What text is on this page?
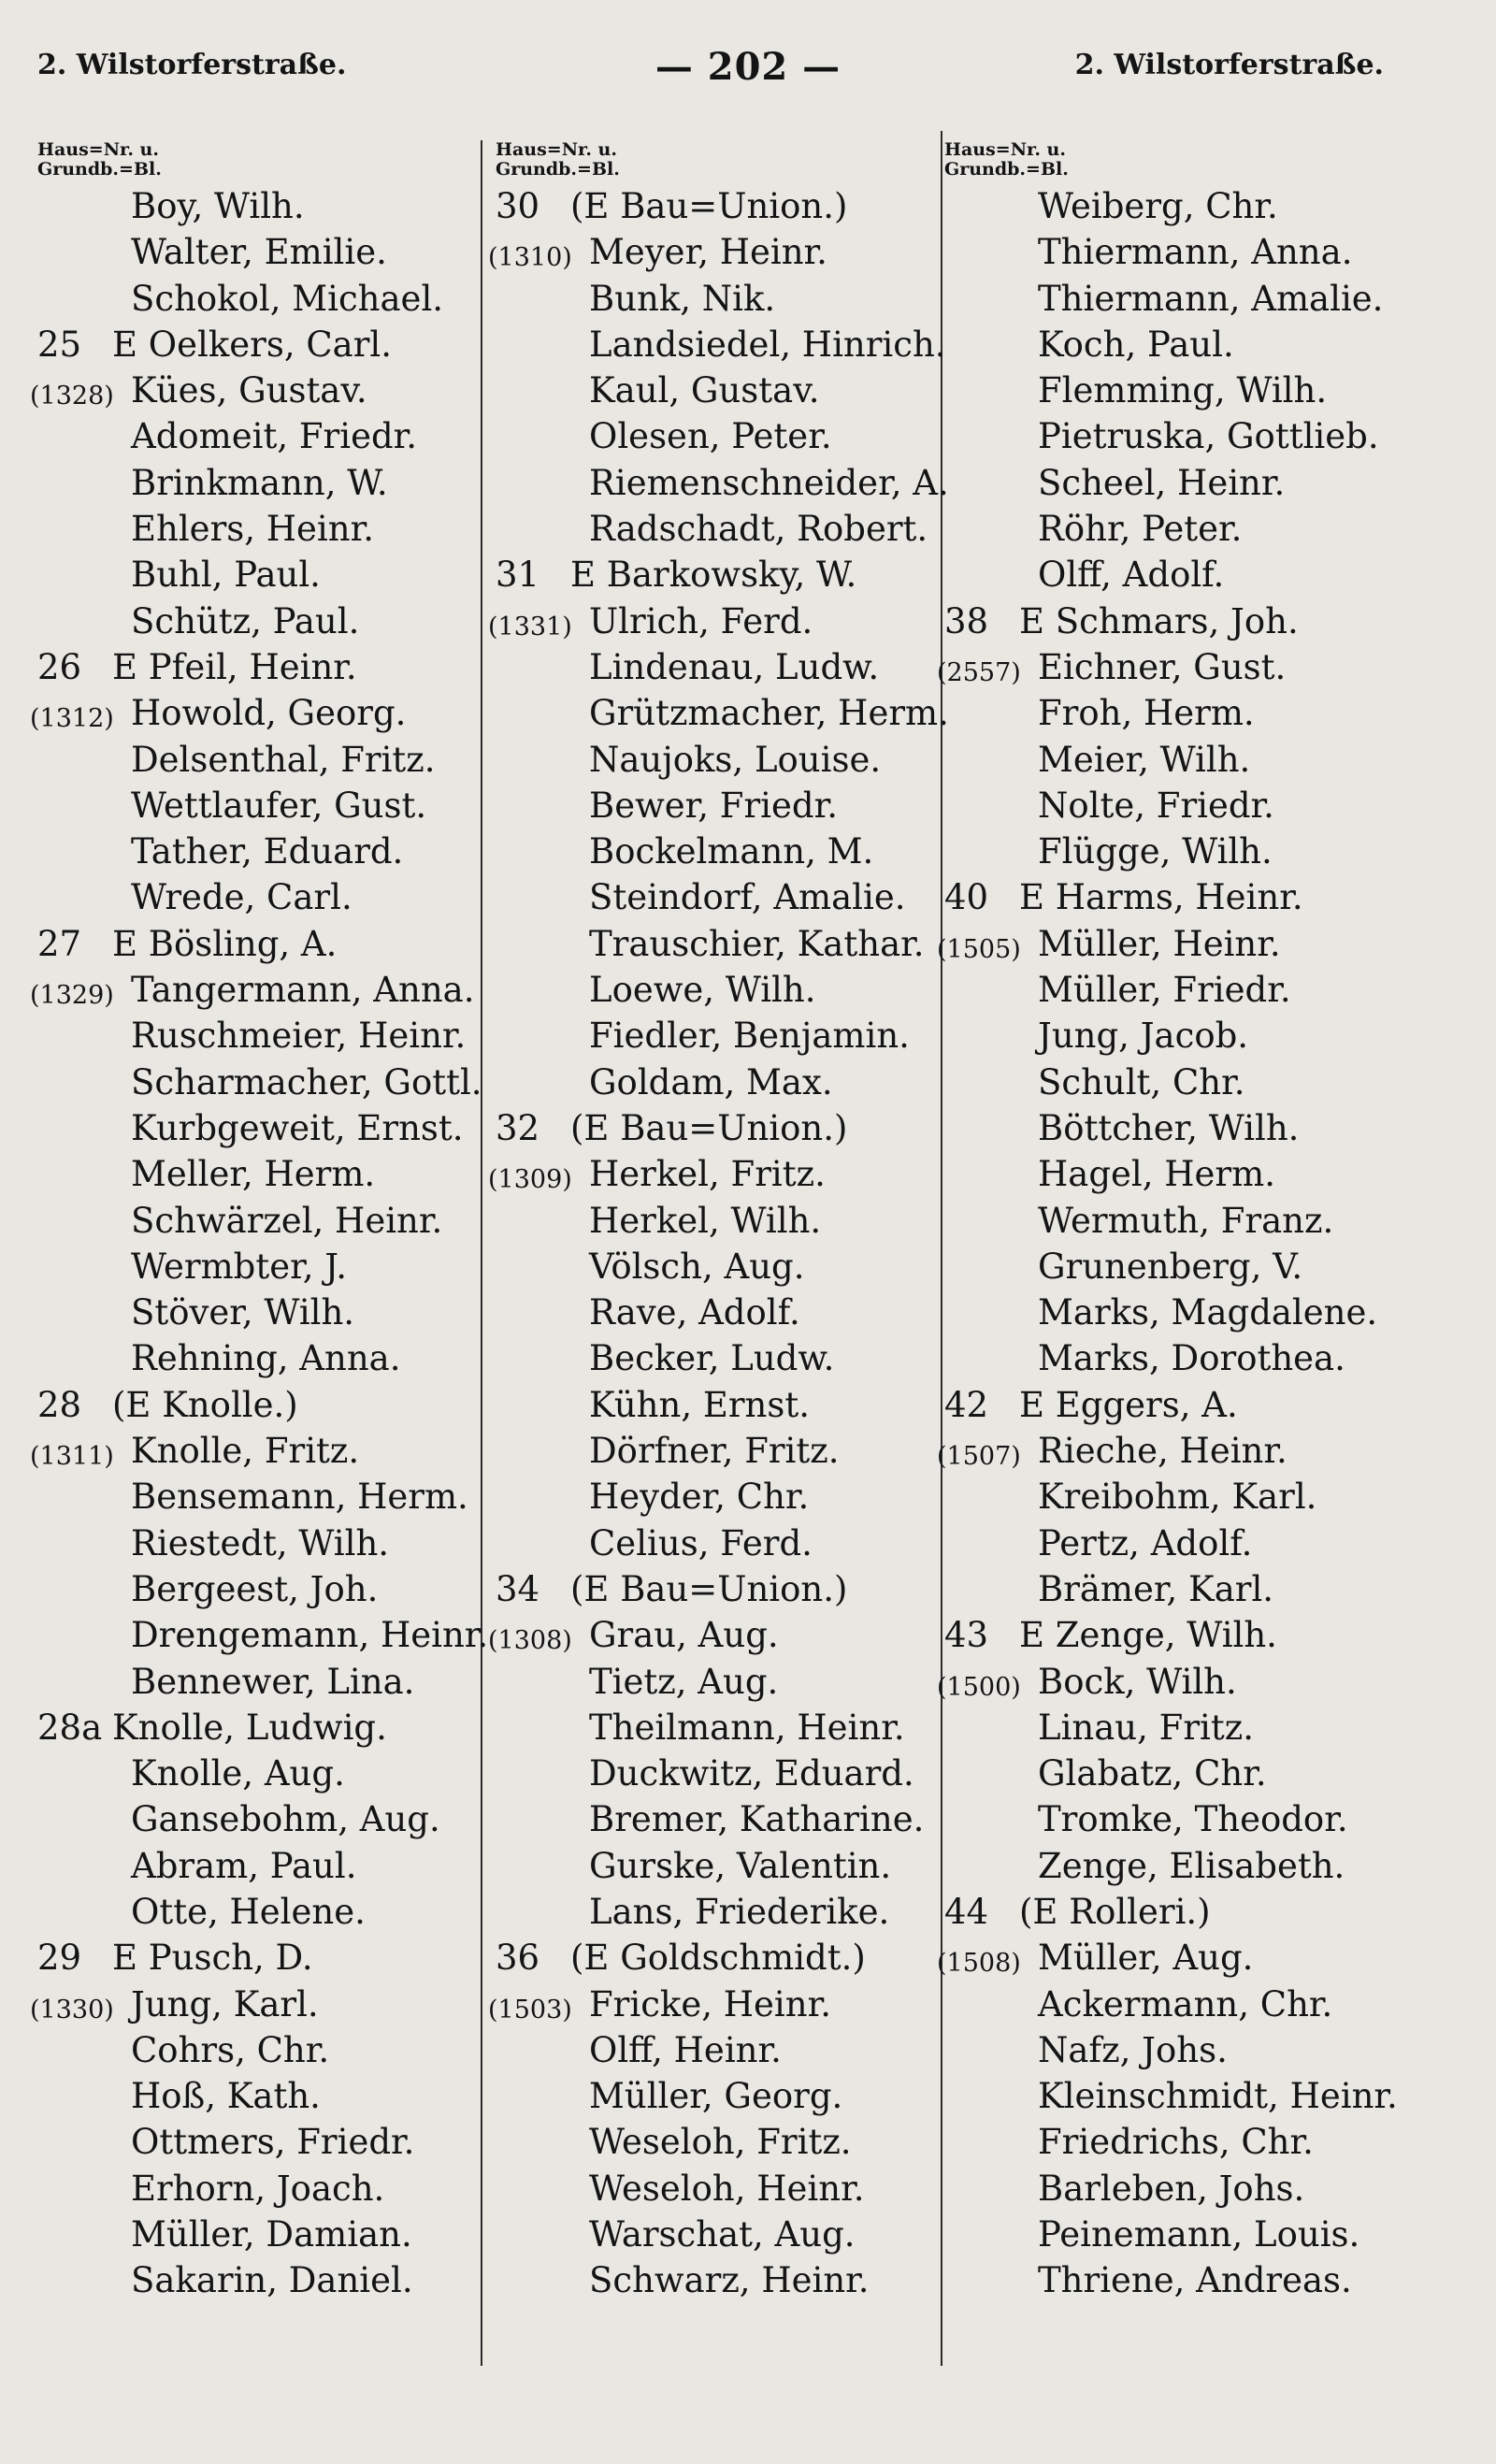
2. Wilstorferstraße.	— 202 —	2. Wilstorferstraße.
Haus=Nr. u.
Grundb.=Bl.
Boy, Wilh.
Walter, Emilie.
Schokol, Michael.
25 E Oelkers, Carl.
(1328) Kües, Gustav.
Adomeit, Friedr.
Brinkmann, W.
Ehlers, Heinr.
Buhl, Paul.
Schütz, Paul.
26 E Pfeil, Heinr.
(1312) Howold, Georg.
Delsenthal, Fritz.
Wettlaufer, Gust.
Tather, Eduard.
Wrede, Carl.
27 E Bösling, A.
(1329) Tangermann, Anna.
Ruschmeier, Heinr.
Scharmacher, Gottl.
Kurbgeweit, Ernst.
Meller, Herm.
Schwärzel, Heinr.
Wermbter, J.
Stöver, Wilh.
Rehning, Anna.
28 (E Knolle.)
(1311) Knolle, Fritz.
Bensemann, Herm.
Riestedt, Wilh.
Bergeest, Joh.
Drengemann, Heinr.
Bennewer, Lina.
28a Knolle, Ludwig.
Knolle, Aug.
Gansebohm, Aug.
Abram, Paul.
Otte, Helene.
29 E Pusch, D.
(1330) Jung, Karl.
Cohrs, Chr.
Hoß, Kath.
Ottmers, Friedr.
Erhorn, Joach.
Müller, Damian.
Sakarin, Daniel.
Haus=Nr. u.
Grundb.=Bl.
30 (E Bau=Union.)
(1310) Meyer, Heinr.
Bunk, Nik.
Landsiedel, Hinrich.
Kaul, Gustav.
Olesen, Peter.
Riemenschneider, A.
Radschadt, Robert.
31 E Barkowsky, W.
(1331) Ulrich, Ferd.
Lindenau, Ludw.
Grützmacher, Herm.
Naujoks, Louise.
Bewer, Friedr.
Bockelmann, M.
Steindorf, Amalie.
Trauschier, Kathar.
Loewe, Wilh.
Fiedler, Benjamin.
Goldam, Max.
32 (E Bau=Union.)
(1309) Herkel, Fritz.
Herkel, Wilh.
Völsch, Aug.
Rave, Adolf.
Becker, Ludw.
Kühn, Ernst.
Dörfner, Fritz.
Heyder, Chr.
Celius, Ferd.
34 (E Bau=Union.)
(1308) Grau, Aug.
Tietz, Aug.
Theilmann, Heinr.
Duckwitz, Eduard.
Bremer, Katharine.
Gurske, Valentin.
Lans, Friederike.
36 (E Goldschmidt.)
(1503) Fricke, Heinr.
Olff, Heinr.
Müller, Georg.
Weseloh, Fritz.
Weseloh, Heinr.
Warschat, Aug.
Schwarz, Heinr.
Haus=Nr. u.
Grundb.=Bl.
Weiberg, Chr.
Thiermann, Anna.
Thiermann, Amalie.
Koch, Paul.
Flemming, Wilh.
Pietruska, Gottlieb.
Scheel, Heinr.
Röhr, Peter.
Olff, Adolf.
38 E Schmars, Joh.
(2557) Eichner, Gust.
Froh, Herm.
Meier, Wilh.
Nolte, Friedr.
Flügge, Wilh.
40 E Harms, Heinr.
(1505) Müller, Heinr.
Müller, Friedr.
Jung, Jacob.
Schult, Chr.
Böttcher, Wilh.
Hagel, Herm.
Wermuth, Franz.
Grunenberg, V.
Marks, Magdalene.
Marks, Dorothea.
42 E Eggers, A.
(1507) Rieche, Heinr.
Kreibohm, Karl.
Pertz, Adolf.
Brämer, Karl.
43 E Zenge, Wilh.
(1500) Bock, Wilh.
Linau, Fritz.
Glabatz, Chr.
Tromke, Theodor.
Zenge, Elisabeth.
44 (E Rolleri.)
(1508) Müller, Aug.
Ackermann, Chr.
Nafz, Johs.
Kleinschmidt, Heinr.
Friedrichs, Chr.
Barleben, Johs.
Peinemann, Louis.
Thriene, Andreas.
